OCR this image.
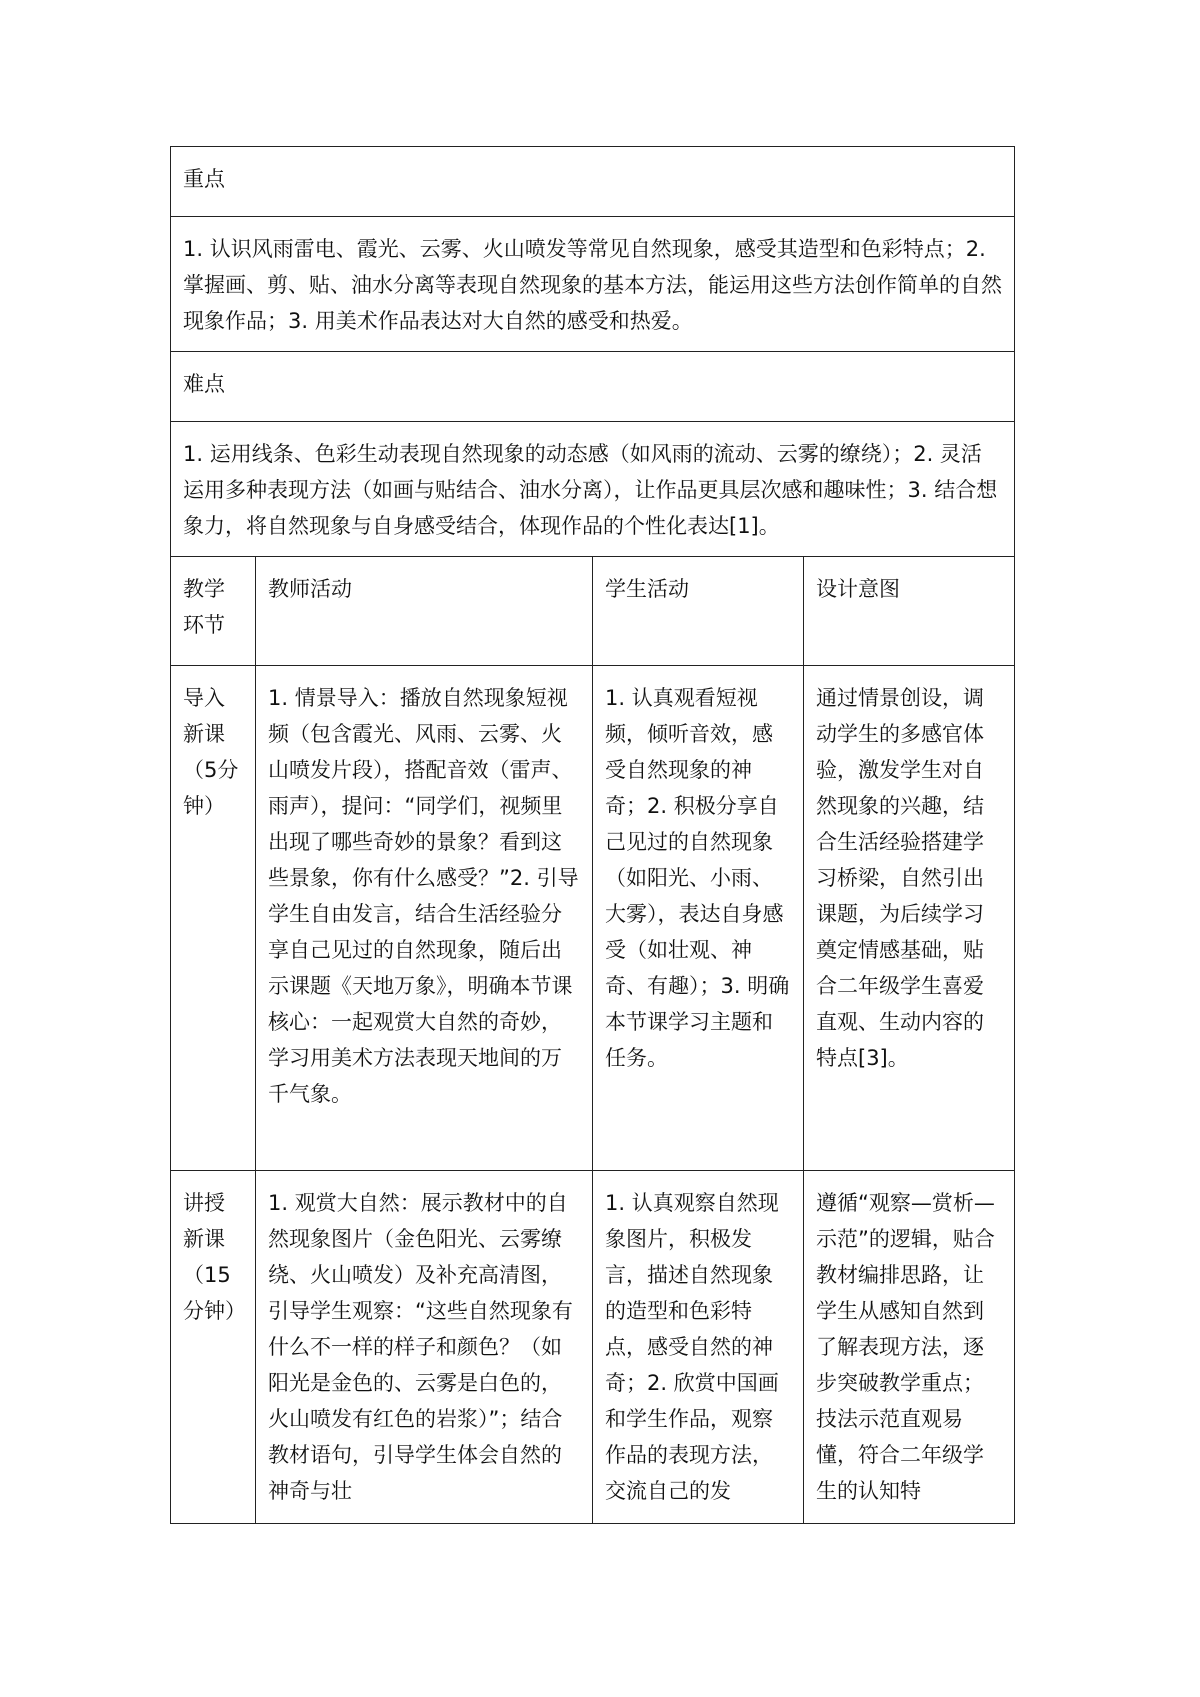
重点			
1. 认识风雨雷电、霞光、云雾、火山喷发等常见自然现象，感受其造型和色彩特点；2. 掌握画、剪、贴、油水分离等表现自然现象的基本方法，能运用这些方法创作简单的自然现象作品；3. 用美术作品表达对大自然的感受和热爱。			
难点			
1. 运用线条、色彩生动表现自然现象的动态感（如风雨的流动、云雾的缭绕）；2. 灵活运用多种表现方法（如画与贴结合、油水分离），让作品更具层次感和趣味性；3. 结合想象力，将自然现象与自身感受结合，体现作品的个性化表达[1]。			
教学环节	教师活动	学生活动	设计意图
导入新课（5分钟）	1. 情景导入：播放自然现象短视频（包含霞光、风雨、云雾、火山喷发片段），搭配音效（雷声、雨声），提问：“同学们，视频里出现了哪些奇妙的景象？看到这些景象，你有什么感受？”2. 引导学生自由发言，结合生活经验分享自己见过的自然现象，随后出示课题《天地万象》，明确本节课核心：一起观赏大自然的奇妙，学习用美术方法表现天地间的万千气象。	1. 认真观看短视频，倾听音效，感受自然现象的神奇；2. 积极分享自己见过的自然现象（如阳光、小雨、大雾），表达自身感受（如壮观、神奇、有趣）；3. 明确本节课学习主题和任务。	通过情景创设，调动学生的多感官体验，激发学生对自然现象的兴趣，结合生活经验搭建学习桥梁，自然引出课题，为后续学习奠定情感基础，贴合二年级学生喜爱直观、生动内容的特点[3]。
讲授新课（15分钟）	1. 观赏大自然：展示教材中的自然现象图片（金色阳光、云雾缭绕、火山喷发）及补充高清图，引导学生观察：“这些自然现象有什么不一样的样子和颜色？（如阳光是金色的、云雾是白色的，火山喷发有红色的岩浆）”；结合教材语句，引导学生体会自然的神奇与壮	1. 认真观察自然现象图片，积极发言，描述自然现象的造型和色彩特点，感受自然的神奇；2. 欣赏中国画和学生作品，观察作品的表现方法，交流自己的发	遵循“观察—赏析—示范”的逻辑，贴合教材编排思路，让学生从感知自然到了解表现方法，逐步突破教学重点；技法示范直观易懂，符合二年级学生的认知特
